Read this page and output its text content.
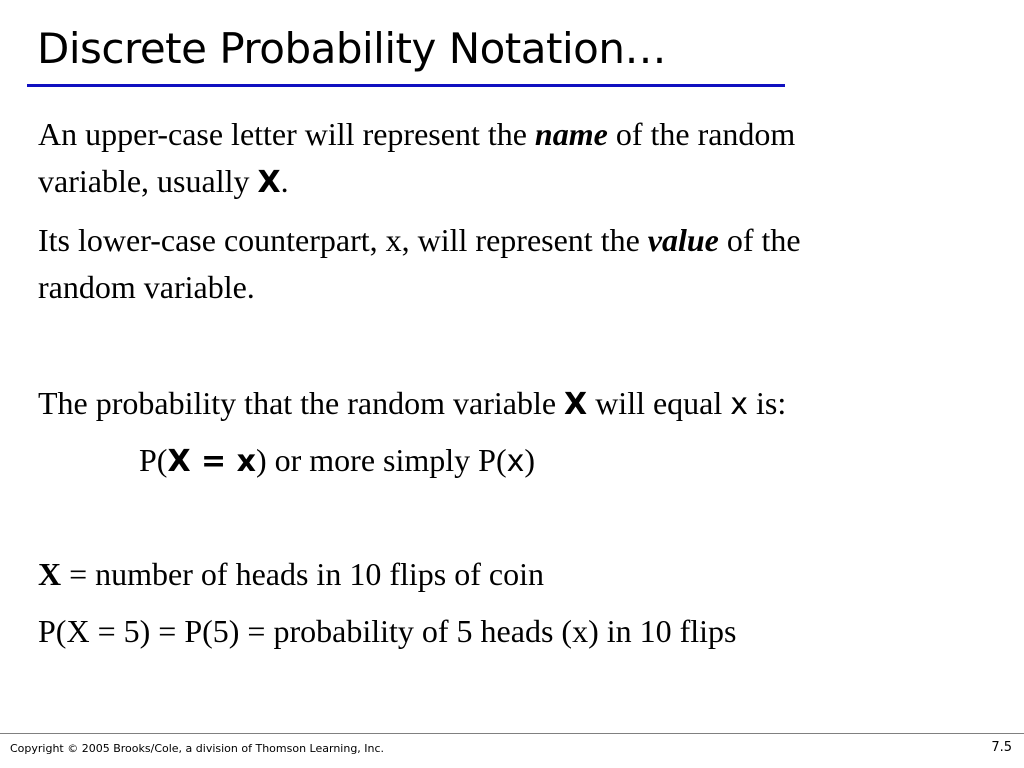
Discrete Probability Notation…
An upper-case letter will represent the name of the random
variable, usually X.
Its lower-case counterpart, x, will represent the value of the
random variable.
The probability that the random variable X will equal x is:
P(X = x) or more simply P(x)
X = number of heads in 10 flips of coin
P(X = 5) = P(5) = probability of 5 heads (x) in 10 flips
Copyright © 2005 Brooks/Cole, a division of Thomson Learning, Inc.	7.5
